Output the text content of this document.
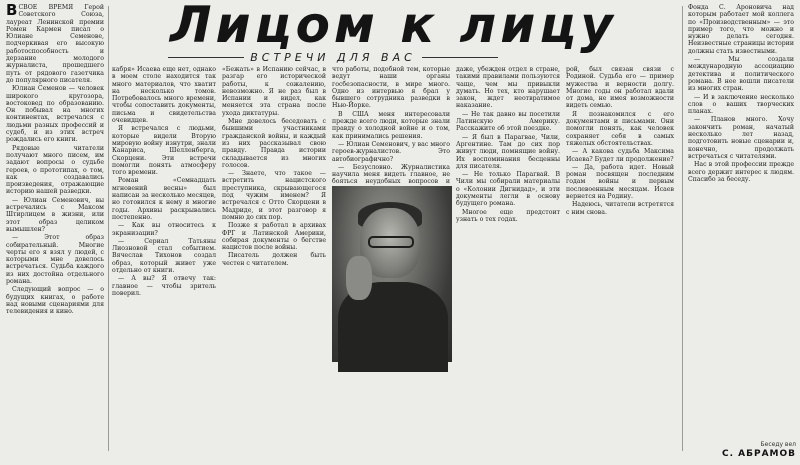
Лицом к лицу
ВСТРЕЧИ ДЛЯ ВАС

ВСВОЕ ВРЕМЯ Герой Советского Союза, лауреат Ленинской премии Ромен Кармен писал о Юлиане Семенове, подчеркивая его высокую работоспособность и дерзание молодого журналиста, прошедшего путь от рядового газетчика до популярного писателя.

Юлиан Семенов — человек широкого кругозора, востоковед по образованию. Он побывал на многих континентах, встречался с людьми разных профессий и судеб, и из этих встреч рождались его книги.

Рядовые читатели получают много писем, им задают вопросы о судьбе героев, о прототипах, о том, как создавались произведения, отражающие историю нашей разведки.

— Юлиан Семенович, вы встречались с Максом Штирлицем в жизни, или этот образ целиком вымышлен?

— Этот образ собирательный. Многие черты его я взял у людей, с которыми мне довелось встречаться. Судьба каждого из них достойна отдельного романа.

Следующий вопрос — о будущих книгах, о работе над новыми сценариями для телевидения и кино.

кабря» Исаева еще нет, однако в моем столе находится так много материалов, что хватит на несколько томов. Потребовалось много времени, чтобы сопоставить документы, письма и свидетельства очевидцев.

Я встречался с людьми, которые видели Вторую мировую войну изнутри, знали Канариса, Шелленберга, Скорцени. Эти встречи помогли понять атмосферу того времени.

Роман «Семнадцать мгновений весны» был написан за несколько месяцев, но готовился к нему я многие годы. Архивы раскрывались постепенно.

— Как вы относитесь к экранизации?

— Сериал Татьяны Лиозновой стал событием. Вячеслав Тихонов создал образ, который живет уже отдельно от книги.

— А вы? Я отвечу так: главное — чтобы зритель поверил.

«Бежать» в Испанию сейчас, в разгар его исторической работы, к сожалению, невозможно. Я не раз был в Испании и видел, как меняется эта страна после ухода диктатуры.

Мне довелось беседовать с бывшими участниками гражданской войны, и каждый из них рассказывал свою правду. Правда истории складывается из многих голосов.

— Знаете, что такое — встретить нацистского преступника, скрывающегося под чужим именем? Я встречался с Отто Скорцени в Мадриде, и этот разговор я помню до сих пор.

Позже я работал в архивах ФРГ и Латинской Америки, собирая документы о бегстве нацистов после войны.

Писатель должен быть честен с читателем.

что работы, подобной тем, которые ведут наши органы госбезопасности, в мире много. Одно из интервью я брал у бывшего сотрудника разведки в Нью-Йорке.

В США меня интересовали прежде всего люди, которые знали правду о холодной войне и о том, как принимались решения.

— Юлиан Семенович, у вас много героев-журналистов. Это автобиографично?

— Безусловно. Журналистика научила меня видеть главное, не бояться неудобных вопросов и

даже, убежден отдел в стране, такими правилами пользуются чаще, чем мы привыкли думать. Но тех, кто нарушает закон, ждет неотвратимое наказание.

— Не так давно вы посетили Латинскую Америку. Расскажите об этой поездке.

— Я был в Парагвае, Чили, Аргентине. Там до сих пор живут люди, помнящие войну. Их воспоминания бесценны для писателя.

— Не только Парагвай. В Чили мы собирали материалы о «Колонии Дигнидад», и эти документы легли в основу будущего романа.

Многое еще предстоит узнать о тех годах.

рой, был связан связи с Родиной. Судьба его — пример мужества и верности долгу. Многие годы он работал вдали от дома, не имея возможности видеть семью.

Я познакомился с его документами и письмами. Они помогли понять, как человек сохраняет себя в самых тяжелых обстоятельствах.

— А какова судьба Максима Исаева? Будет ли продолжение?

— Да, работа идет. Новый роман посвящен последним годам войны и первым послевоенным месяцам. Исаев вернется на Родину.

Надеюсь, читатели встретятся с ним снова.

Фонда С. Ароновича над которым работает мой коллега по «Производственным» — это пример того, что можно и нужно делать сегодня. Неизвестные страницы истории должны стать известными.

— Мы создали международную ассоциацию детектива и политического романа. В нее вошли писатели из многих стран.

— И в заключение несколько слов о ваших творческих планах.

— Планов много. Хочу закончить роман, начатый несколько лет назад, подготовить новые сценарии и, конечно, продолжать встречаться с читателями.

Нас в этой профессии прежде всего держит интерес к людям. Спасибо за беседу.

Беседу вел
С. АБРАМОВ
